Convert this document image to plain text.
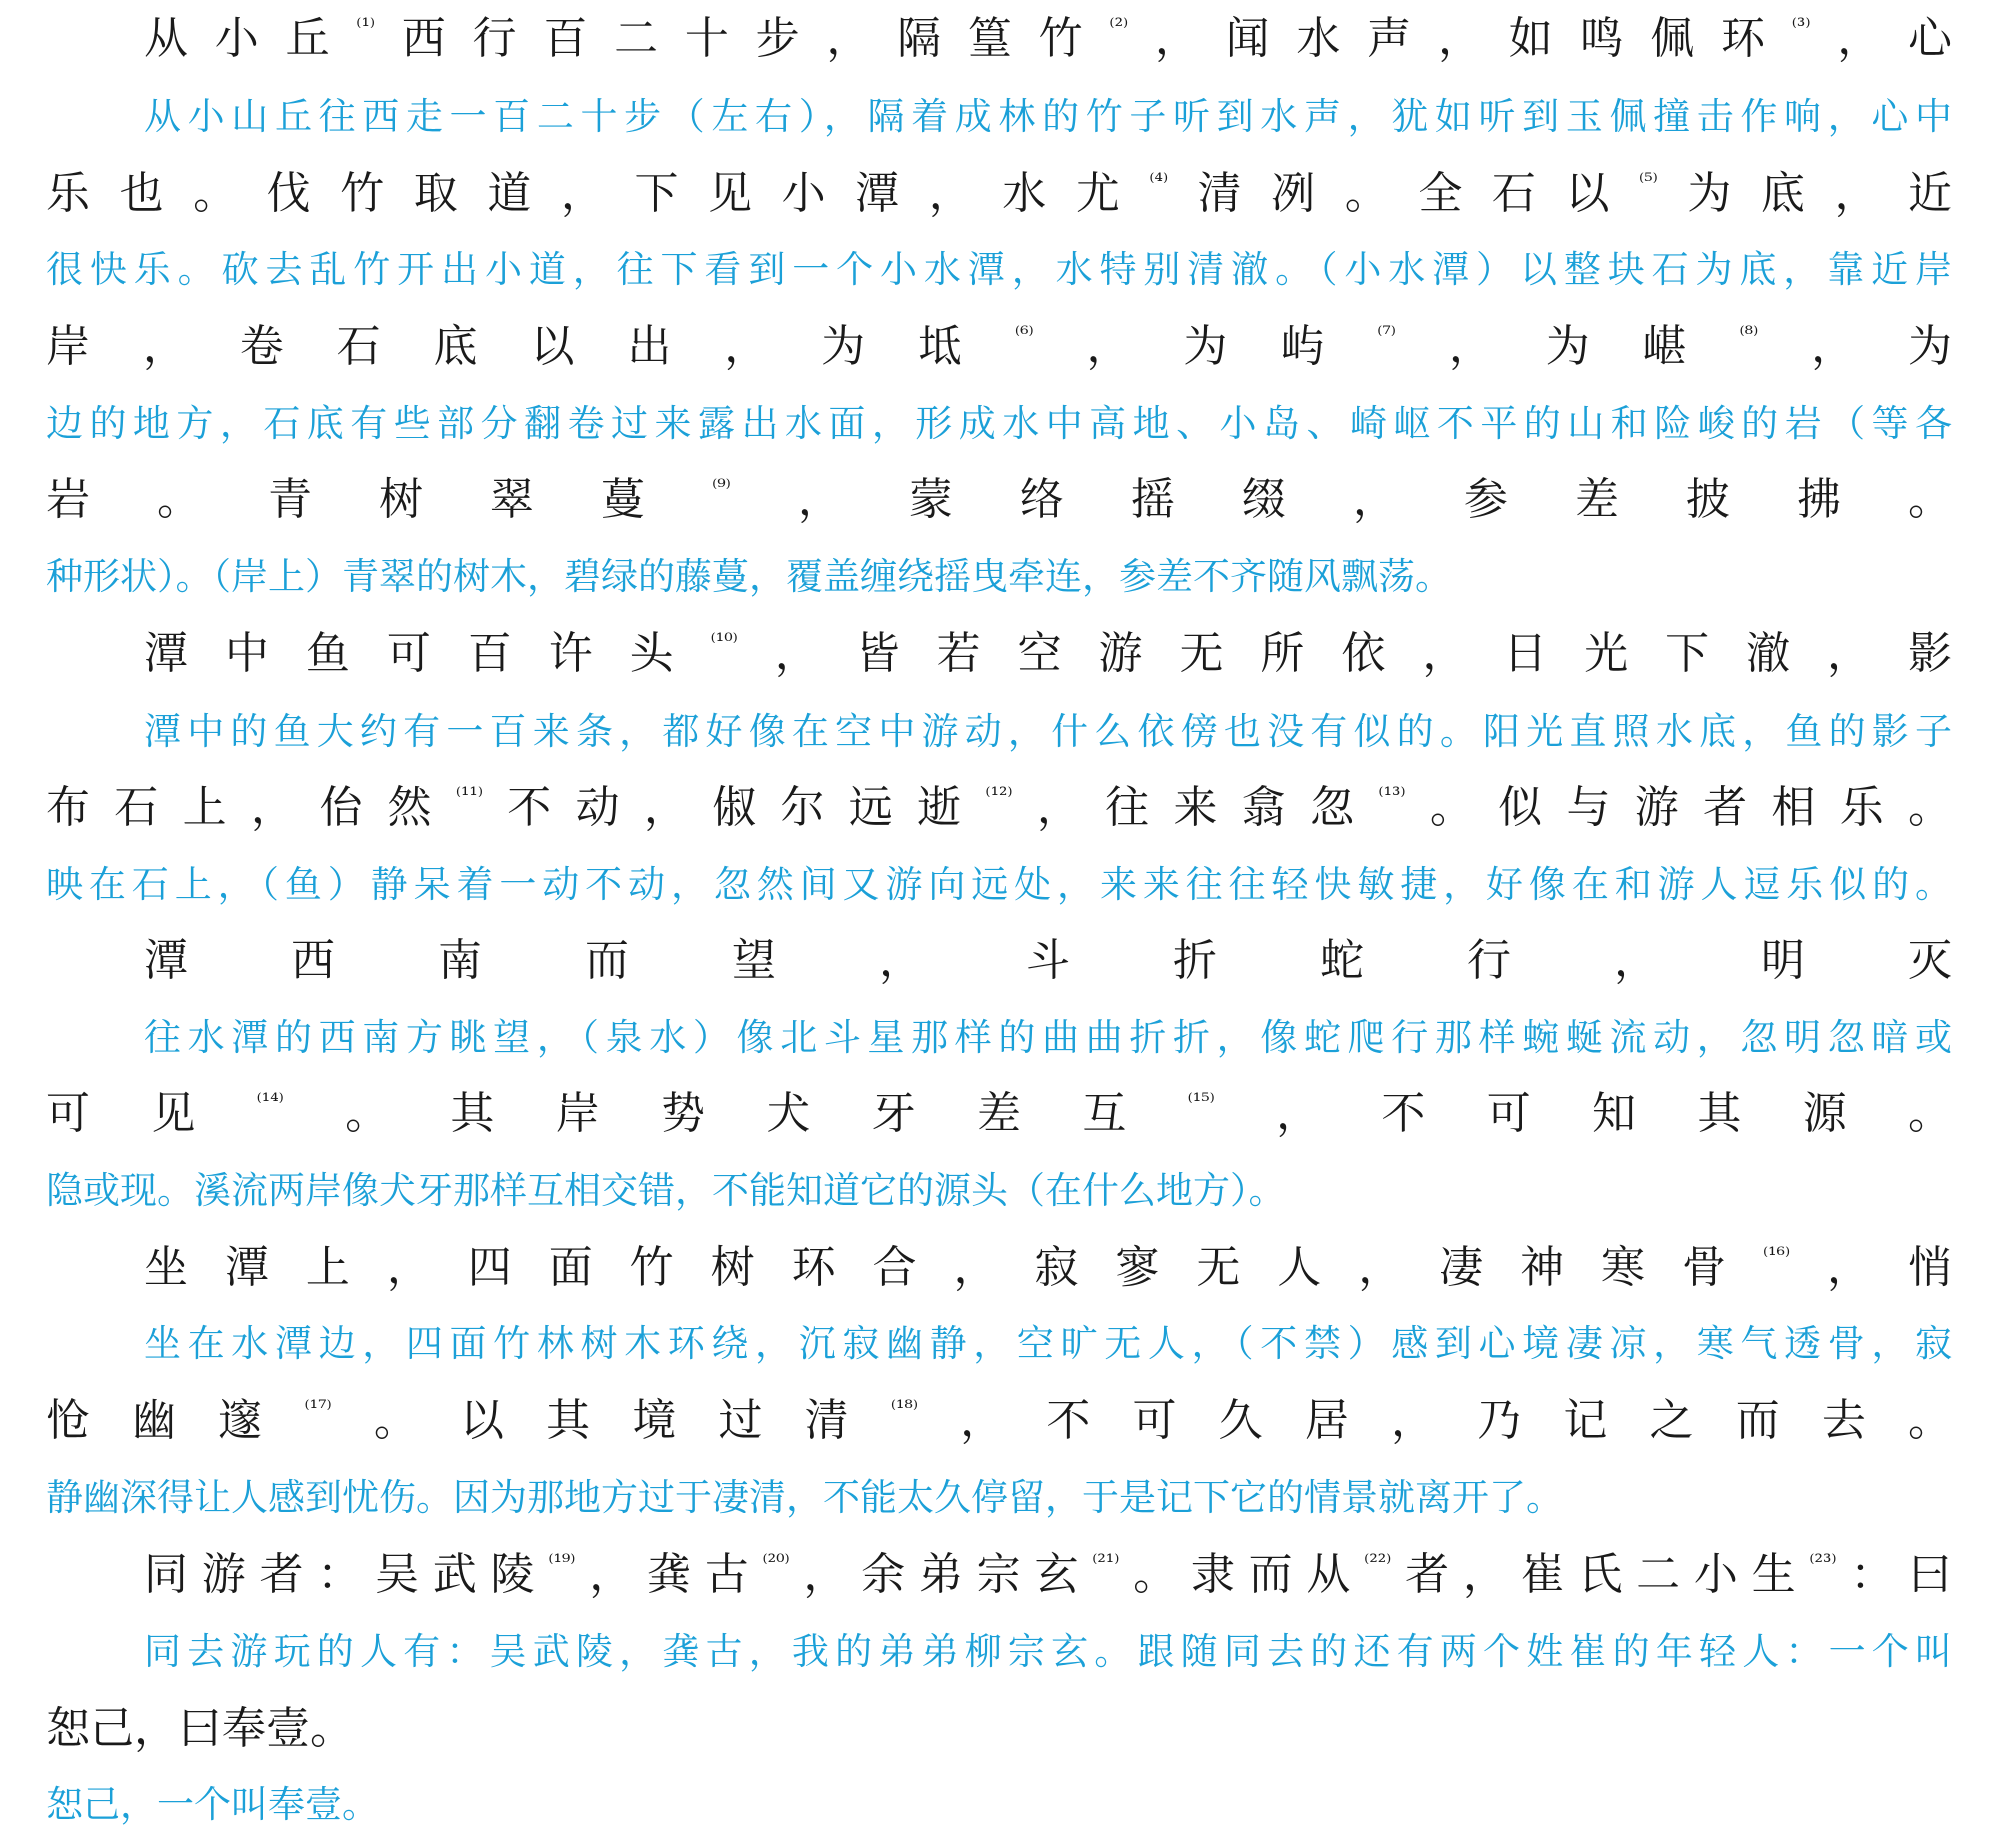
从小丘$^{^{(1)}}$西行百二十步，隔篁竹$^{^{(2)}}$，闻水声，如鸣佩环$^{^{(3)}}$，心
从小山丘往西走一百二十步（左右），隔着成林的竹子听到水声，犹如听到玉佩撞击作响，心中
乐也。伐竹取道，下见小潭，水尤$^{^{(4)}}$清冽。全石以$^{^{(5)}}$为底，近
很快乐。砍去乱竹开出小道，往下看到一个小水潭，水特别清澈。（小水潭）以整块石为底，靠近岸
岸，卷石底以出，为坻$^{^{(6)}}$，为屿$^{^{(7)}}$，为嵁$^{^{(8)}}$，为
边的地方，石底有些部分翻卷过来露出水面，形成水中高地、小岛、崎岖不平的山和险峻的岩（等各
岩。青树翠蔓$^{^{(9)}}$，蒙络摇缀，参差披拂。
种形状）。（岸上）青翠的树木，碧绿的藤蔓，覆盖缠绕摇曳牵连，参差不齐随风飘荡。
潭中鱼可百许头$^{^{(10)}}$，皆若空游无所依，日光下澈，影
潭中的鱼大约有一百来条，都好像在空中游动，什么依傍也没有似的。阳光直照水底，鱼的影子
布石上，佁然$^{^{(11)}}$不动，俶尔远逝$^{^{(12)}}$，往来翕忽$^{^{(13)}}$。似与游者相乐。
映在石上，（鱼）静呆着一动不动，忽然间又游向远处，来来往往轻快敏捷，好像在和游人逗乐似的。
潭西南而望，斗折蛇行，明灭
往水潭的西南方眺望，（泉水）像北斗星那样的曲曲折折，像蛇爬行那样蜿蜒流动，忽明忽暗或
可见$^{^{(14)}}$。其岸势犬牙差互$^{^{(15)}}$，不可知其源。
隐或现。溪流两岸像犬牙那样互相交错，不能知道它的源头（在什么地方）。
坐潭上，四面竹树环合，寂寥无人，凄神寒骨$^{^{(16)}}$，悄
坐在水潭边，四面竹林树木环绕，沉寂幽静，空旷无人，（不禁）感到心境凄凉，寒气透骨，寂
怆幽邃$^{^{(17)}}$。以其境过清$^{^{(18)}}$，不可久居，乃记之而去。
静幽深得让人感到忧伤。因为那地方过于凄清，不能太久停留，于是记下它的情景就离开了。
同游者：吴武陵$^{^{(19)}}$，龚古$^{^{(20)}}$，余弟宗玄$^{^{(21)}}$。隶而从$^{^{(22)}}$者，崔氏二小生$^{^{(23)}}$：曰
同去游玩的人有：吴武陵，龚古，我的弟弟柳宗玄。跟随同去的还有两个姓崔的年轻人：一个叫
恕己，曰奉壹。
恕己，一个叫奉壹。
